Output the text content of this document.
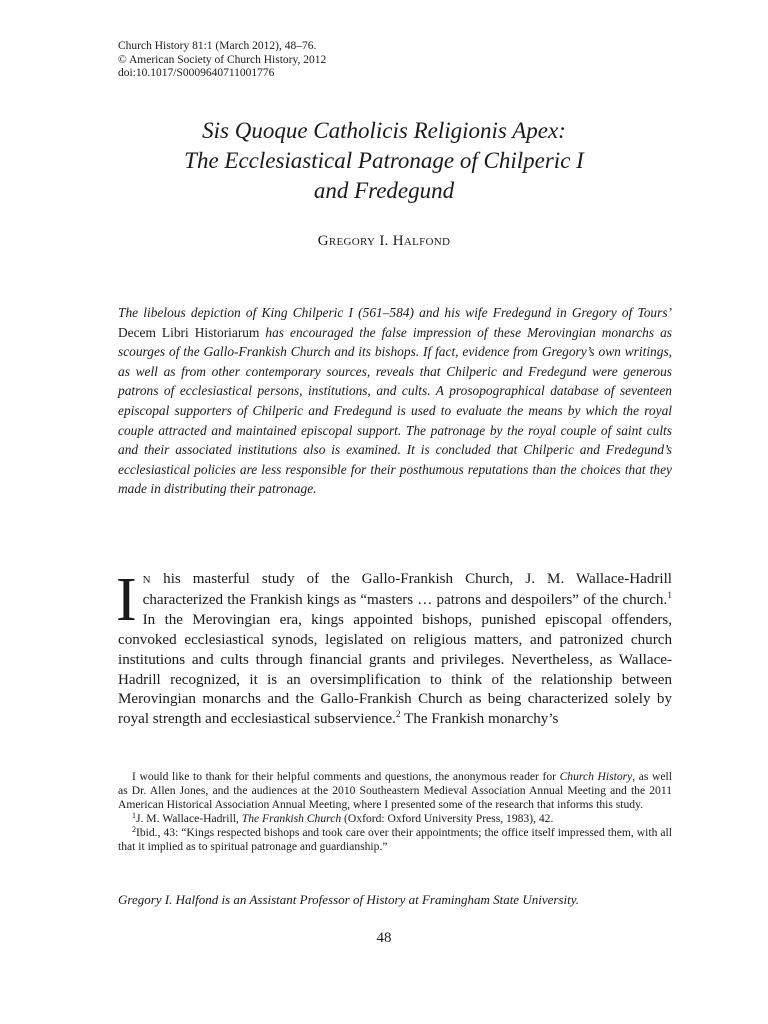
Church History 81:1 (March 2012), 48–76.
© American Society of Church History, 2012
doi:10.1017/S0009640711001776
Sis Quoque Catholicis Religionis Apex:
The Ecclesiastical Patronage of Chilperic I
and Fredegund
Gregory I. Halfond
The libelous depiction of King Chilperic I (561–584) and his wife Fredegund in Gregory of Tours’ Decem Libri Historiarum has encouraged the false impression of these Merovingian monarchs as scourges of the Gallo-Frankish Church and its bishops. If fact, evidence from Gregory’s own writings, as well as from other contemporary sources, reveals that Chilperic and Fredegund were generous patrons of ecclesiastical persons, institutions, and cults. A prosopographical database of seventeen episcopal supporters of Chilperic and Fredegund is used to evaluate the means by which the royal couple attracted and maintained episcopal support. The patronage by the royal couple of saint cults and their associated institutions also is examined. It is concluded that Chilperic and Fredegund’s ecclesiastical policies are less responsible for their posthumous reputations than the choices that they made in distributing their patronage.
I N his masterful study of the Gallo-Frankish Church, J. M. Wallace-Hadrill characterized the Frankish kings as “masters … patrons and despoilers” of the church.$^1$ In the Merovingian era, kings appointed bishops, punished episcopal offenders, convoked ecclesiastical synods, legislated on religious matters, and patronized church institutions and cults through financial grants and privileges. Nevertheless, as Wallace-Hadrill recognized, it is an oversimplification to think of the relationship between Merovingian monarchs and the Gallo-Frankish Church as being characterized solely by royal strength and ecclesiastical subservience.$^2$ The Frankish monarchy’s

I would like to thank for their helpful comments and questions, the anonymous reader for Church History, as well as Dr. Allen Jones, and the audiences at the 2010 Southeastern Medieval Association Annual Meeting and the 2011 American Historical Association Annual Meeting, where I presented some of the research that informs this study.

$^1$J. M. Wallace-Hadrill, The Frankish Church (Oxford: Oxford University Press, 1983), 42.

$^2$Ibid., 43: “Kings respected bishops and took care over their appointments; the office itself impressed them, with all that it implied as to spiritual patronage and guardianship.”

Gregory I. Halfond is an Assistant Professor of History at Framingham State University.
48
